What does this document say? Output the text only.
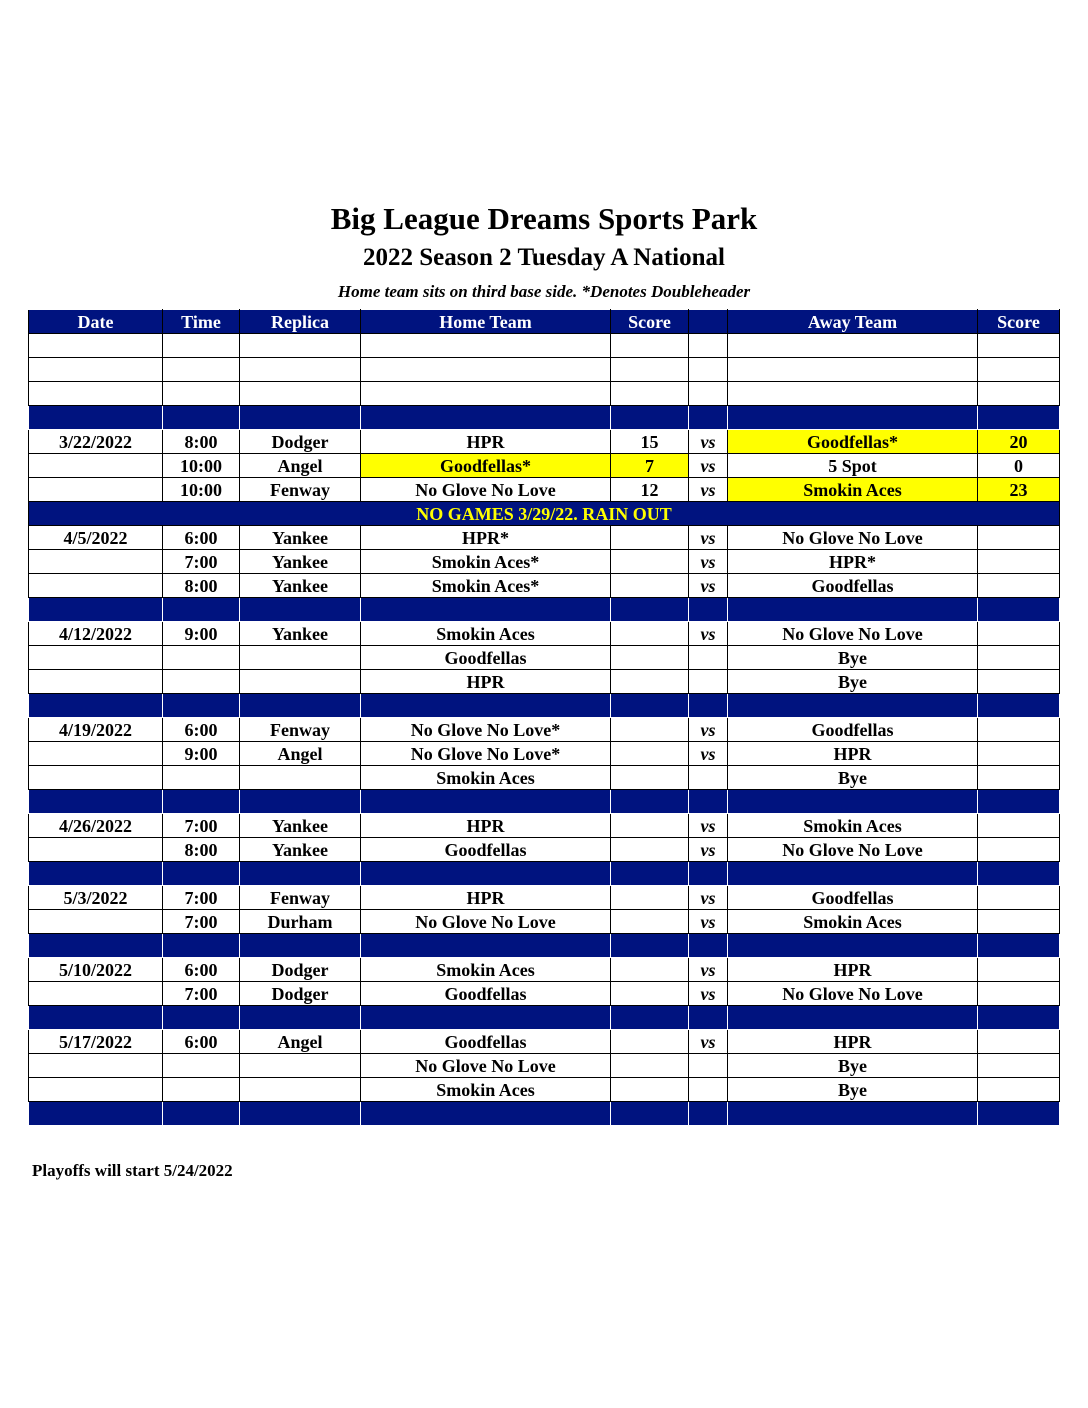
Big League Dreams Sports Park
2022 Season 2 Tuesday A National
Home team sits on third base side. *Denotes Doubleheader
Date	Time	Replica	Home Team	Score		Away Team	Score

3/22/2022	8:00	Dodger	HPR	15	vs	Goodfellas*	20
	10:00	Angel	Goodfellas*	7	vs	5 Spot	0
	10:00	Fenway	No Glove No Love	12	vs	Smokin Aces	23
NO GAMES 3/29/22. RAIN OUT							
4/5/2022	6:00	Yankee	HPR*		vs	No Glove No Love	
	7:00	Yankee	Smokin Aces*		vs	HPR*	
	8:00	Yankee	Smokin Aces*		vs	Goodfellas	

4/12/2022	9:00	Yankee	Smokin Aces		vs	No Glove No Love	
			Goodfellas			Bye	
			HPR			Bye	

4/19/2022	6:00	Fenway	No Glove No Love*		vs	Goodfellas	
	9:00	Angel	No Glove No Love*		vs	HPR	
			Smokin Aces			Bye	

4/26/2022	7:00	Yankee	HPR		vs	Smokin Aces	
	8:00	Yankee	Goodfellas		vs	No Glove No Love	

5/3/2022	7:00	Fenway	HPR		vs	Goodfellas	
	7:00	Durham	No Glove No Love		vs	Smokin Aces	

5/10/2022	6:00	Dodger	Smokin Aces		vs	HPR	
	7:00	Dodger	Goodfellas		vs	No Glove No Love	

5/17/2022	6:00	Angel	Goodfellas		vs	HPR	
			No Glove No Love			Bye	
			Smokin Aces			Bye	

Playoffs will start 5/24/2022
